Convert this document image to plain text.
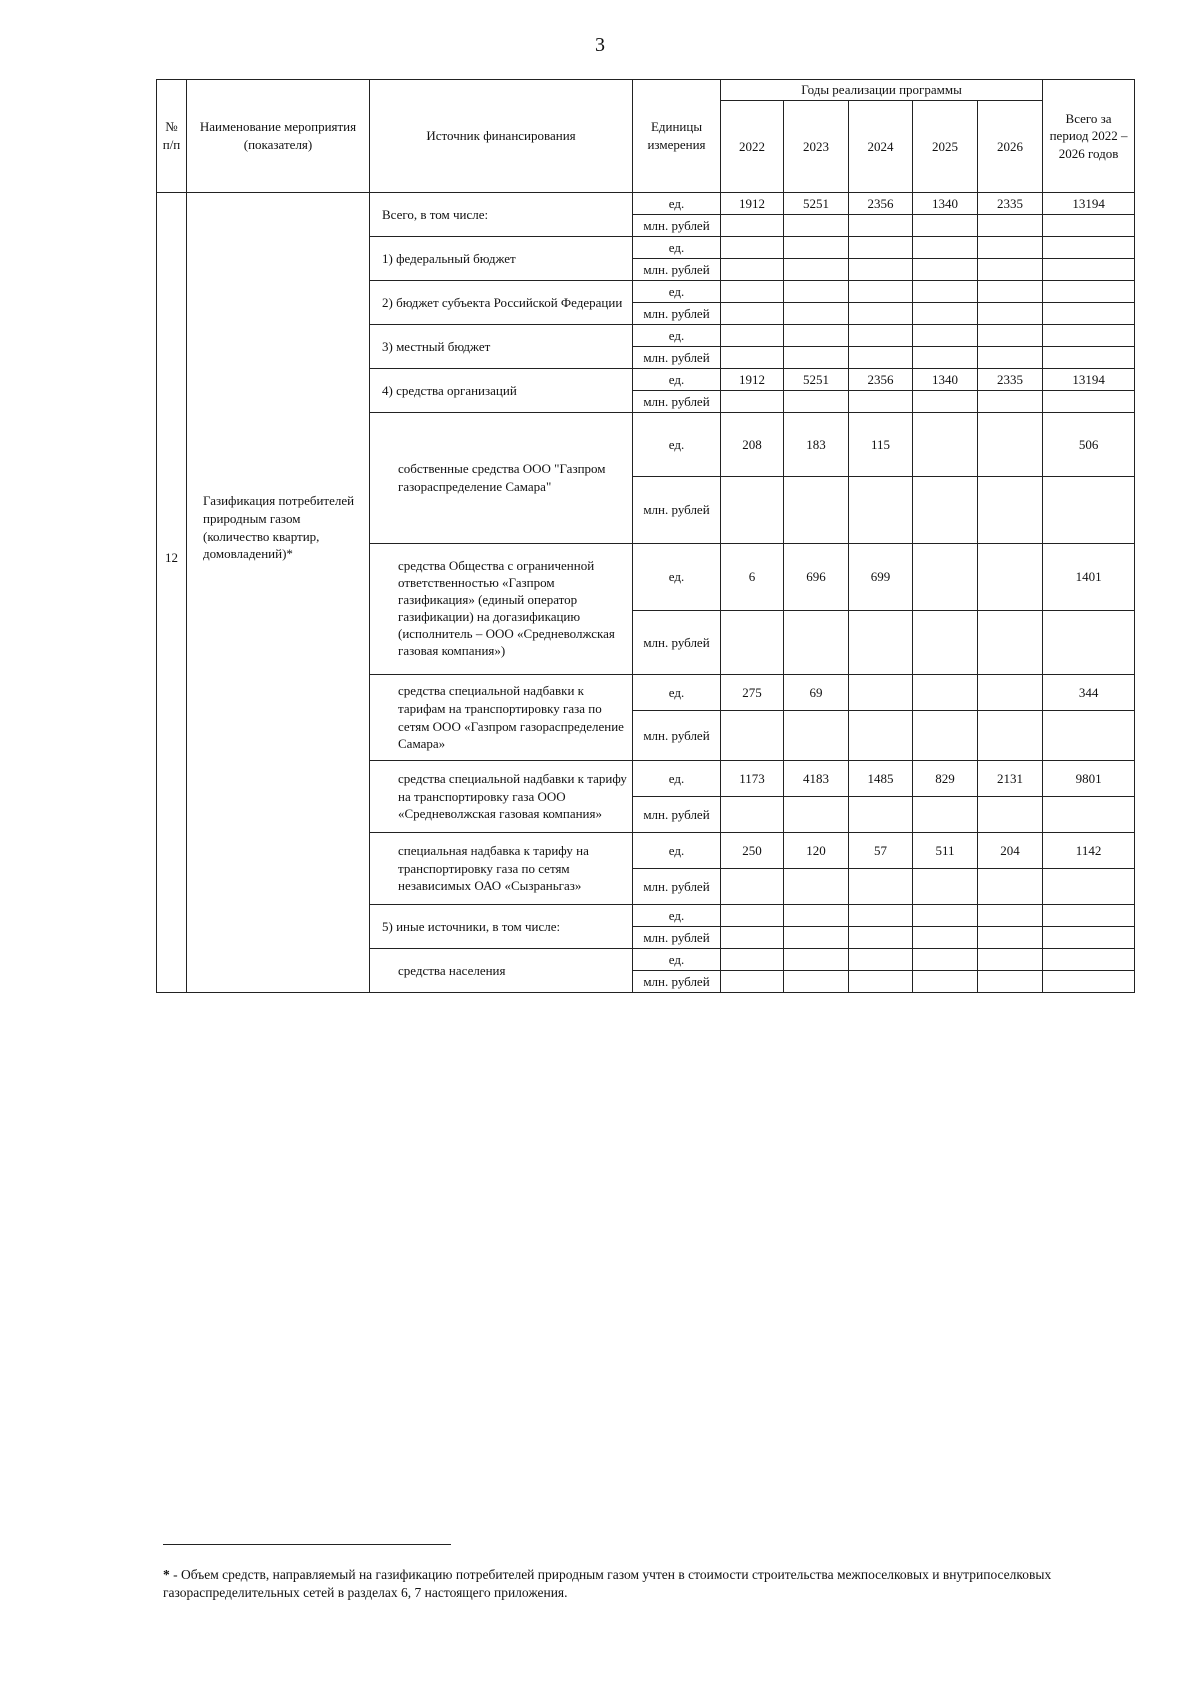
3
№ п/п	Наименование мероприятия (показателя)	Источник финансирования	Единицы измерения	Годы реализации программы					Всего за период 2022 – 2026 годов
				2022	2023	2024	2025	2026	

12	Газификация потребителей природным газом (количество квартир, домовладений)*	Всего, в том числе:	ед.	1912	5251	2356	1340	2335	13194
			млн. рублей						
		1) федеральный бюджет	ед.						
			млн. рублей						
		2) бюджет субъекта Российской Федерации	ед.						
			млн. рублей						
		3) местный бюджет	ед.						
			млн. рублей						
		4) средства организаций	ед.	1912	5251	2356	1340	2335	13194
			млн. рублей						
		собственные средства ООО "Газпром газораспределение Самара"	ед.	208	183	115			506
			млн. рублей						
		средства Общества с ограниченной ответственностью «Газпром газификация» (единый оператор газификации) на догазификацию (исполнитель – ООО «Средневолжская газовая компания»)	ед.	6	696	699			1401
			млн. рублей						
		средства специальной надбавки к тарифам на транспортировку газа по сетям ООО «Газпром газораспределение Самара»	ед.	275	69				344
			млн. рублей						
		средства специальной надбавки к тарифу на транспортировку газа ООО «Средневолжская газовая компания»	ед.	1173	4183	1485	829	2131	9801
			млн. рублей						
		специальная надбавка к тарифу на транспортировку газа по сетям независимых ОАО «Сызраньгаз»	ед.	250	120	57	511	204	1142
			млн. рублей						
		5) иные источники, в том числе:	ед.						
			млн. рублей						
		средства населения	ед.						
			млн. рублей						
* - Объем средств, направляемый на газификацию потребителей природным газом учтен в стоимости строительства межпоселковых и внутрипоселковых газораспределительных сетей в разделах 6, 7 настоящего приложения.
